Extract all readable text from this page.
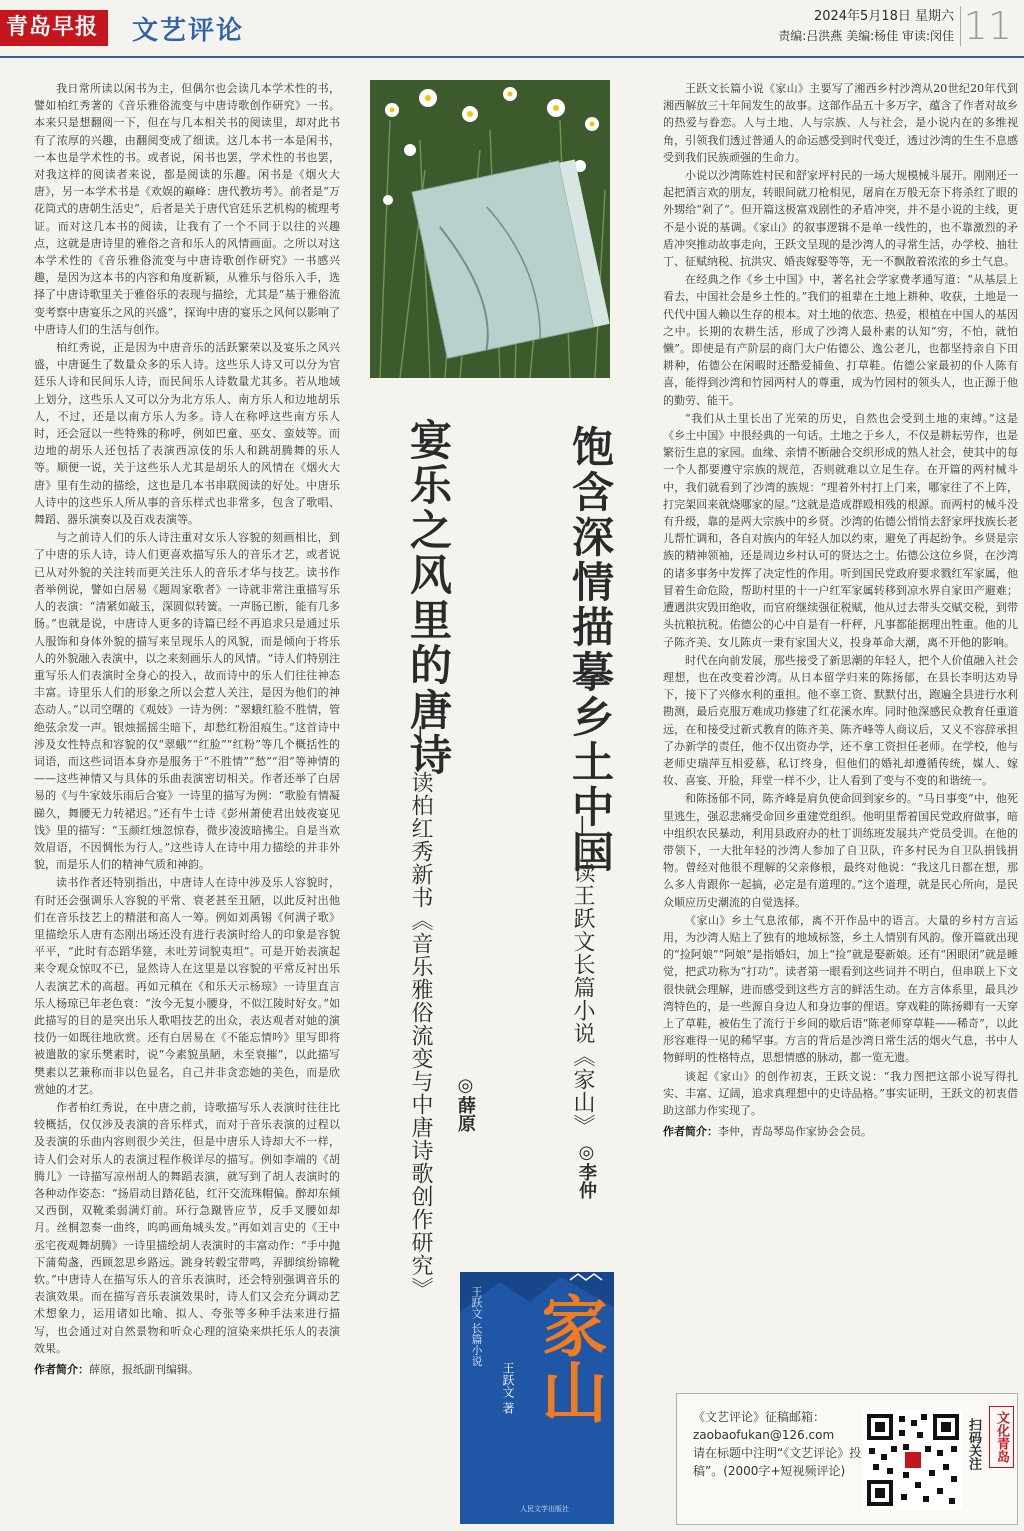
青岛早报	文艺评论	2024年5月18日 星期六
责编:吕洪燕 美编:杨佳 审读:闵佳 11

我日常所读以闲书为主，但偶尔也会读几本学术性的书，譬如柏红秀著的《音乐雅俗流变与中唐诗歌创作研究》一书。本来只是想翻阅一下，但在与几本相关书的阅读里，却对此书有了浓厚的兴趣，由翻阅变成了细读。这几本书一本是闲书，一本也是学术性的书。或者说，闲书也罢，学术性的书也罢，对我这样的阅读者来说，都是阅读的乐趣。闲书是《烟火大唐》，另一本学术书是《欢娱的巅峰：唐代教坊考》。前者是“万花筒式的唐朝生活史”，后者是关于唐代官廷乐艺机构的梳理考证。而对这几本书的阅读，让我有了一个不同于以往的兴趣点，这就是唐诗里的雅俗之音和乐人的风情画面。之所以对这本学术性的《音乐雅俗流变与中唐诗歌创作研究》一书感兴趣，是因为这本书的内容和角度新颖，从雅乐与俗乐入手，选择了中唐诗歌里关于雅俗乐的表现与描绘，尤其是“基于雅俗流变考察中唐宴乐之风的兴盛”，探询中唐的宴乐之风何以影响了中唐诗人们的生活与创作。

柏红秀说，正是因为中唐音乐的活跃繁荣以及宴乐之风兴盛，中唐诞生了数量众多的乐人诗。这些乐人诗又可以分为官廷乐人诗和民间乐人诗，而民间乐人诗数量尤其多。若从地域上划分，这些乐人又可以分为北方乐人、南方乐人和边地胡乐人，不过，还是以南方乐人为多。诗人在称呼这些南方乐人时，还会冠以一些特殊的称呼，例如巴童、巫女、蛮妓等。而边地的胡乐人还包括了表演西凉伎的乐人和跳胡腾舞的乐人等。顺便一说，关于这些乐人尤其是胡乐人的风情在《烟火大唐》里有生动的描绘，这也是几本书串联阅读的好处。中唐乐人诗中的这些乐人所从事的音乐样式也非常多，包含了歌唱、舞蹈、器乐演奏以及百戏表演等。

与之前诗人们的乐人诗注重对女乐人容貌的刻画相比，到了中唐的乐人诗，诗人们更喜欢描写乐人的音乐才艺，或者说已从对外貌的关注转而更关注乐人的音乐才华与技艺。读书作者举例说，譬如白居易《题周家歌者》一诗就非常注重描写乐人的表演：“清紧如敲玉，深圆似转簧。一声肠已断，能有几多肠。”也就是说，中唐诗人更多的诗篇已经不再追求只是通过乐人服饰和身体外貌的描写来呈现乐人的风貌，而是倾向于将乐人的外貌融入表演中，以之来刻画乐人的风情。“诗人们特别注重写乐人们表演时全身心的投入，故而诗中的乐人们往往神态丰富。诗里乐人们的形象之所以会惹人关注，是因为他们的神态动人。”以司空曙的《观妓》一诗为例：“翠蛾红脸不胜情，管绝弦余发一声。银烛摇摇尘暗下，却愁红粉泪痕生。”这首诗中涉及女性特点和容貌的仅“翠蛾”“红脸”“红粉”等几个概括性的词语，而这些词语本身亦是服务于“不胜情”“愁”“泪”等神情的——这些神情又与具体的乐曲表演密切相关。作者还举了白居易的《与牛家妓乐雨后合宴》一诗里的描写为例：“歌脸有情凝睇久，舞腰无力转裙迟。”还有牛士诗《彭州萧使君出妓夜宴见饯》里的描写：“玉颜红烛忽惊春，微步凌波暗拂尘。自是当欢效眉语，不因惆怅为行人。”这些诗人在诗中用力描绘的并非外貌，而是乐人们的精神气质和神韵。

读书作者还特别指出，中唐诗人在诗中涉及乐人容貌时，有时还会强调乐人容貌的平常、衰老甚至丑陋，以此反衬出他们在音乐技艺上的精湛和高人一筹。例如刘禹锡《何满子歌》里描绘乐人唐有态刚出场还没有进行表演时给人的印象是容貌平平，“此时有态蹈华筵，未吐芳词貌夷坦”。可是开始表演起来令观众惊叹不已，显然诗人在这里是以容貌的平常反衬出乐人表演艺术的高超。再如元稹在《和乐天示杨琼》一诗里直言乐人杨琼已年老色衰：“汝今无复小腰身，不似江陵时好女。”如此描写的目的是突出乐人歌唱技艺的出众，表达观者对她的演技仍一如既往地欣赏。还有白居易在《不能忘情吟》里写即将被遣散的家乐樊素时，说“今素貌虽陋，未至衰摧”，以此描写樊素以艺兼称而非以色显名，自己并非贪恋她的美色，而是欣赏她的才艺。

作者柏红秀说，在中唐之前，诗歌描写乐人表演时往往比较概括，仅仅涉及表演的音乐样式，而对于音乐表演的过程以及表演的乐曲内容则很少关注，但是中唐乐人诗却大不一样，诗人们会对乐人的表演过程作极详尽的描写。例如李端的《胡腾儿》一诗描写凉州胡人的舞蹈表演，就写到了胡人表演时的各种动作姿态：“扬眉动目踏花毡，红汗交流珠帽偏。醉却东倾又西倒，双靴柔弱满灯前。环行急蹴皆应节，反手叉腰如却月。丝桐忽奏一曲终，呜呜画角城头发。”再如刘言史的《王中丞宅夜观舞胡腾》一诗里描绘胡人表演时的丰富动作：“手中抛下蒲萄盏，西顾忽思乡路远。跳身转毂宝带鸣，弄脚缤纷锦靴软。”中唐诗人在描写乐人的音乐表演时，还会特别强调音乐的表演效果。而在描写音乐表演效果时，诗人们又会充分调动艺术想象力，运用诸如比喻、拟人、夸张等多种手法来进行描写，也会通过对自然景物和听众心理的渲染来烘托乐人的表演效果。

作者简介：薛原，报纸副刊编辑。

宴乐之风里的唐诗
——读柏红秀新书《音乐雅俗流变与中唐诗歌创作研究》 ◎薛原
饱含深情描摹乡土中国
——读王跃文长篇小说《家山》
◎李仲
王跃文 长篇小说
王跃文 著 家山
人民文学出版社

王跃文长篇小说《家山》主要写了湘西乡村沙湾从20世纪20年代到湘西解放三十年间发生的故事。这部作品五十多万字，蕴含了作者对故乡的热爱与眷恋。人与土地、人与宗族、人与社会，是小说内在的多维视角，引领我们透过普通人的命运感受到时代变迁，透过沙湾的生生不息感受到我们民族顽强的生命力。

小说以沙湾陈姓村民和舒家坪村民的一场大规模械斗展开。刚刚还一起把酒言欢的朋友，转眼间就刀枪相见，屠肩在万般无奈下将杀红了眼的外甥给“剁了”。但开篇这极富戏剧性的矛盾冲突，并不是小说的主线，更不是小说的基调。《家山》的叙事逻辑不是单一线性的，也不靠激烈的矛盾冲突推动故事走向，王跃文呈现的是沙湾人的寻常生活，办学校、抽壮丁、征赋纳税、抗洪灾、婚丧嫁娶等等，无一不飘散着浓浓的乡土气息。

在经典之作《乡土中国》中，著名社会学家费孝通写道：“从基层上看去，中国社会是乡土性的。”我们的祖辈在土地上耕种、收获，土地是一代代中国人赖以生存的根本。对土地的依恋、热爱，根植在中国人的基因之中。长期的农耕生活，形成了沙湾人最朴素的认知“穷，不怕，就怕懒”。即使是有产阶层的商门大户佑德公、逸公老儿，也都坚持亲自下田耕种，佑德公在闲暇时还酷爱捕鱼、打草鞋。佑德公家最初的仆人陈有喜，能得到沙湾和竹园两村人的尊重，成为竹园村的领头人，也正源于他的勤劳、能干。

“我们从土里长出了光荣的历史，自然也会受到土地的束缚。”这是《乡土中国》中很经典的一句话。土地之于乡人，不仅是耕耘劳作，也是繁衍生息的家园。血缘、亲情不断融合交织形成的熟人社会，使其中的每一个人都要遵守宗族的规范，否则就难以立足生存。在开篇的两村械斗中，我们就看到了沙湾的族规：“理着外村打上门来，哪家往了不上阵，打完架回来就烧哪家的屋。”这就是造成群殴相残的根源。而两村的械斗没有升级，靠的是两大宗族中的乡贤。沙湾的佑德公悄悄去舒家坪找族长老儿帮忙调和，各自对族内的年轻人加以约束，避免了再起纷争。乡贤是宗族的精神领袖，还是周边乡村认可的贤达之士。佑德公这位乡贤，在沙湾的诸多事务中发挥了决定性的作用。听到国民党政府要求戮红军家属，他冒着生命危险，帮助村里的十一户红军家属转移到凉水界自家田产避难；遭遇洪灾毁田绝收，而官府继续强征税赋，他从过去带头交赋交税，到带头抗粮抗税。佑德公的心中自是有一杆秤，凡事都能据理出牲重。他的儿子陈齐美、女儿陈贞一秉有家国大义，投身革命大潮，离不开他的影响。

时代在向前发展，那些接受了新思潮的年轻人，把个人价值融入社会理想，也在改变着沙湾。从日本留学归来的陈扬郁，在县长李明达劝导下，接下了兴修水利的重担。他不辜工资、默默付出，跑遍全县进行水利勘测，最后克服万难成功修建了红花溪水库。同时他深感民众教育任重道远，在和接受过新式教育的陈齐美、陈齐峰等人商议后，又义不容辞承担了办新学的责任，他不仅出资办学，还不拿工资担任老师。在学校，他与老师史瑞萍互相爱慕，私订终身，但他们的婚礼却遵循传统，媒人、嫁妆、喜宴、开脸，拜堂一样不少，让人看到了变与不变的和谐统一。

和陈扬郁不同，陈齐峰是肩负使命回到家乡的。“马日事变”中，他死里逃生，强忍悲痛受命回乡重建党组织。他明里帮着国民党政府做事，暗中组织农民暴动，利用县政府办的杜丁训练班发展共产党员受训。在他的带领下，一大批年轻的沙湾人参加了自卫队，许多村民为自卫队捐钱捐物。曾经对他很不理解的父亲修根，最终对他说：“我这几日都在想，那么多人肯跟你一起搞，必定是有道理的。”这个道理，就是民心所向，是民众顺应历史潮流的自觉选择。

《家山》乡土气息浓郁，离不开作品中的语言。大量的乡村方言运用，为沙湾人贴上了独有的地域标签，乡土人情别有风韵。像开篇就出现的“捡阿娘”“阿娘”是指婚妇，加上“捡”就是娶新娘。还有“困眼闭”就是睡觉，把武功称为“打功”。读者第一眼看到这些词并不明白，但串联上下文很快就会理解，进而感受到这些方言的鲜活生动。在方言体系里，最具沙湾特色的，是一些源自身边人和身边事的俚语。穿戏鞋的陈扬卿有一天穿上了草鞋，被佑生了流行于乡间的歇后语“陈老师穿草鞋——稀奇”，以此形容难得一见的稀罕事。方言的背后是沙湾日常生活的烟火气息，书中人物鲜明的性格特点，思想情感的脉动，都一览无遗。

谈起《家山》的创作初衷，王跃文说：“我力图把这部小说写得扎实、丰富、辽阔，追求真理想中的史诗品格。”事实证明，王跃文的初衷借助这部力作实现了。

作者简介：李仲，青岛琴岛作家协会会员。

《文艺评论》征稿邮箱：
zaobaofukan@126.com
请在标题中注明“《文艺评论》投稿”。(2000字+短视频评论)
扫码关注	文化青岛
